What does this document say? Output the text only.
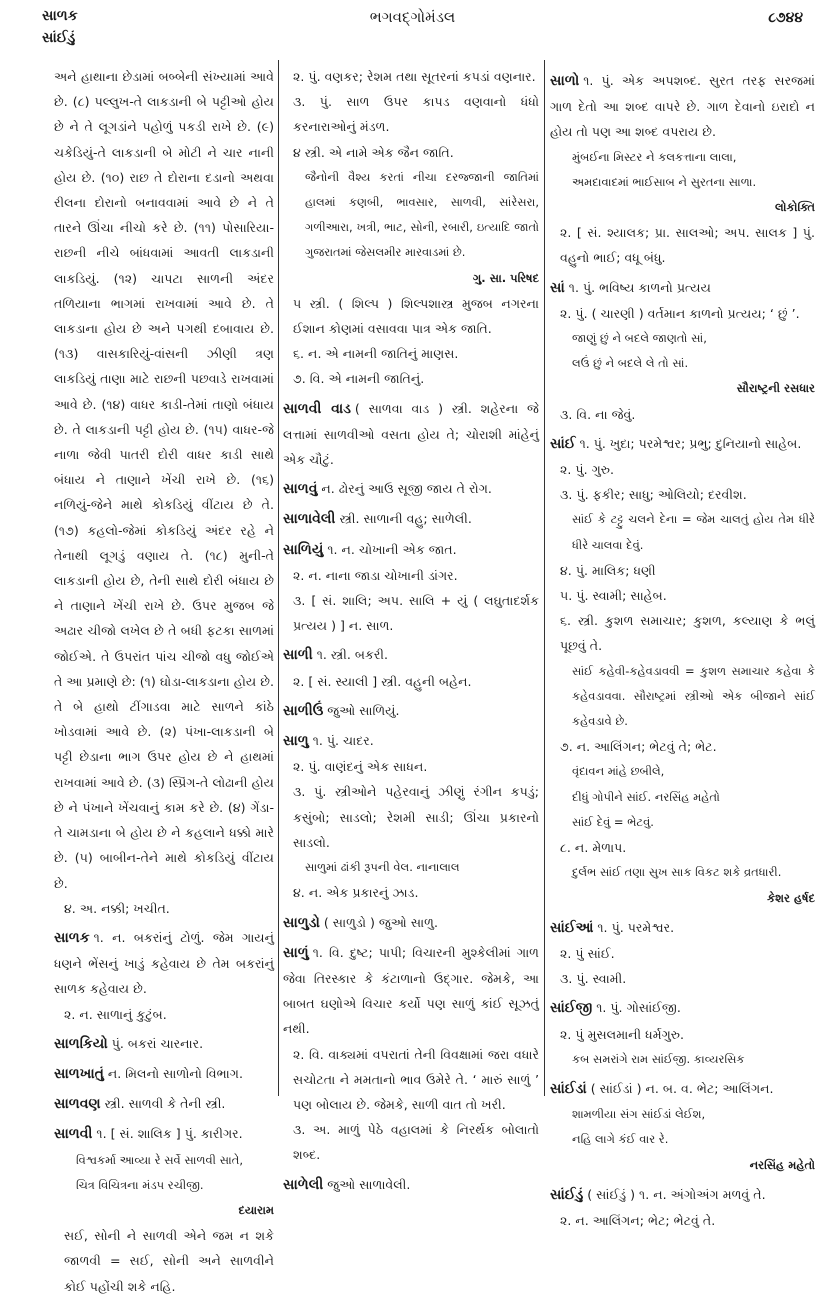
સાળક
સાંઈડું
ભગવદ્ગોમંડલ	૮૭૪૪
અને હાથાના છેડામાં બબ્બેની સંખ્યામાં આવે છે. (૮) પલ્લુખ-તે લાકડાની બે પટ્ટીઓ હોય છે ને તે લૂગડાંને પહોળું પકડી રાખે છે. (૯) ચકેડિયું-તે લાકડાની બે મોટી ને ચાર નાની હોય છે. (૧૦) રાછ તે દોરાના દડાનો અથવા રીલના દોરાનો બનાવવામાં આવે છે ને તે તારને ઊંચા નીચો કરે છે. (૧૧) પોસારિયા-રાછની નીચે બાંધવામાં આવતી લાકડાની લાકડિયું. (૧૨) ચાપટા સાળની અંદર તળિયાના ભાગમાં રાખવામાં આવે છે. તે લાકડાના હોય છે અને પગથી દબાવાય છે. (૧૩) વાસકારિયું-વાંસની ઝીણી ત્રણ લાકડિયું તાણા માટે રાછની પછવાડે રાખવામાં આવે છે. (૧૪) વાધર કાડી-તેમાં તાણો બંધાય છે. તે લાકડાની પટ્ટી હોય છે. (૧૫) વાધર-જે નાળા જેવી પાતરી દોરી વાધર કાડી સાથે બંધાય ને તાણાને ખેંચી રાખે છે. (૧૬) નળિયું-જેને માથે કોકડિયું વીંટાય છે તે. (૧૭) કહલો-જેમાં કોકડિયું અંદર રહે ને તેનાથી લૂગડું વણાય તે. (૧૮) મુની-તે લાકડાની હોય છે, તેની સાથે દોરી બંધાય છે ને તાણાને ખેંચી રાખે છે. ઉપર મુજબ જે અઢાર ચીજો લખેલ છે તે બધી ફટકા સાળમાં જોઈએ. તે ઉપરાંત પાંચ ચીજો વધુ જોઈએ તે આ પ્રમાણે છે: (૧) ઘોડા-લાકડાના હોય છે. તે બે હાથો ટીંગાડવા માટે સાળને કાંઠે ખોડવામાં આવે છે. (૨) પંખા-લાકડાની બે પટ્ટી છેડાના ભાગ ઉપર હોય છે ને હાથમાં રાખવામાં આવે છે. (૩) સ્પ્રિંગ-તે લોઢાની હોય છે ને પંખાને ખેંચવાનું કામ કરે છે. (૪) ગેંડા-તે ચામડાના બે હોય છે ને કહલાને ધક્કો મારે છે. (૫) બાબીન-તેને માથે કોકડિયું વીંટાય છે.
૪. અ. નક્કી; ખચીત.
સાળક ૧. ન. બકરાંનું ટોળું. જેમ ગાયનું ધણને ભેંસનું ખાડું કહેવાય છે તેમ બકરાંનું સાળક કહેવાય છે.
૨. ન. સાળાનું કુટુંબ.
સાળકિયો પું. બકરાં ચારનાર.
સાળખાતું ન. મિલનો સાળોનો વિભાગ.
સાળવણ સ્ત્રી. સાળવી કે તેની સ્ત્રી.
સાળવી ૧. [ સં. શાલિક ] પું. કારીગર.
વિશ્વકર્મા આવ્યા રે સર્વે સાળવી સાતે,
ચિત્ર વિચિત્રના મંડપ રચીજી.
દયારામ
સઈ, સોની ને સાળવી એને જમ ન શકે જાળવી = સઈ, સોની અને સાળવીને કોઈ પહોંચી શકે નહિ.
૨. પું. વણકર; રેશમ તથા સૂતરનાં કપડાં વણનાર.
૩. પું. સાળ ઉપર કાપડ વણવાનો ધંધો કરનારાઓનું મંડળ.
૪ સ્ત્રી. એ નામે એક જૈન જાતિ.
જૈનોની વૈશ્ય કરતાં નીચા દરજ્જાની જાતિમાં હાલમાં કણબી, ભાવસાર, સાળવી, સાંરેસરા, ગળીઆરા, ખત્રી, ભાટ, સોની, રબારી, ઇત્યાદિ જાતો ગુજરાતમાં જેસલમીર મારવાડમાં છે.
ગુ. સા. પરિષદ
૫ સ્ત્રી. ( શિલ્પ ) શિલ્પશાસ્ત્ર મુજબ નગરના ઈશાન કોણમાં વસાવવા પાત્ર એક જાતિ.
૬. ન. એ નામની જાતિનું માણસ.
૭. વિ. એ નામની જાતિનું.
સાળવી વાડ ( સાળવા વાડ ) સ્ત્રી. શહેરના જે લત્તામાં સાળવીઓ વસતા હોય તે; ચોરાશી માંહેનું એક ચૌટું.
સાળવું ન. ઢોરનું આઉ સૂજી જાય તે રોગ.
સાળાવેલી સ્ત્રી. સાળાની વહુ; સાળેલી.
સાળિયું ૧. ન. ચોખાની એક જાત.
૨. ન. નાના જાડા ચોખાની ડાંગર.
૩. [ સં. શાલિ; અપ. સાલિ + યું ( લઘુતાદર્શક પ્રત્યય ) ] ન. સાળ.
સાળી ૧. સ્ત્રી. બકરી.
૨. [ સં. સ્યાલી ] સ્ત્રી. વહુની બહેન.
સાળીઉં જુઓ સાળિયું.
સાળુ ૧. પું. ચાદર.
૨. પું. વાણંદનું એક સાધન.
૩. પું. સ્ત્રીઓને પહેરવાનું ઝીણું રંગીન કપડું; કસુંબો; સાડલો; રેશમી સાડી; ઊંચા પ્રકારનો સાડલો.
સાળુમાં ઢાંકી રૂપની વેલ. નાનાલાલ
૪. ન. એક પ્રકારનું ઝાડ.
સાળુડો ( સાળુડો ) જુઓ સાળુ.
સાળું ૧. વિ. દુષ્ટ; પાપી; વિચારની મુશ્કેલીમાં ગાળ જેવા તિરસ્કાર કે કંટાળાનો ઉદ્ગાર. જેમકે, આ બાબત ઘણોએ વિચાર કર્યો પણ સાળું કાંઈ સૂઝતું નથી.
૨. વિ. વાક્યમાં વપરાતાં તેની વિવક્ષામાં જરા વધારે સચોટતા ને મમતાનો ભાવ ઉમેરે તે. ‘ મારું સાળું ’ પણ બોલાય છે. જેમકે, સાળી વાત તો ખરી.
૩. અ. માળું પેઠે વહાલમાં કે નિરર્થક બોલાતો શબ્દ.
સાળેલી જુઓ સાળાવેલી.
સાળો ૧. પું. એક અપશબ્દ. સુરત તરફ સરજમાં ગાળ દેતો આ શબ્દ વાપરે છે. ગાળ દેવાનો ઇરાદો ન હોય તો પણ આ શબ્દ વપરાય છે.
મુંબઈના મિસ્ટર ને કલકત્તાના લાલા,
અમદાવાદમાં ભાઈસાબ ને સુરતના સાળા.
લોકોક્તિ
૨. [ સં. શ્યાલક; પ્રા. સાલઓ; અપ. સાલક ] પું. વહુનો ભાઈ; વધૂ બંધુ.
સાં ૧. પું. ભવિષ્ય કાળનો પ્રત્યય
૨. પું. ( ચારણી ) વર્તમાન કાળનો પ્રત્યય; ‘ છું ’.
જાણું છું ને બદલે જાણતો સાં,
લઉં છું ને બદલે લે તો સાં.
સૌરાષ્ટ્રની રસધાર
૩. વિ. ના જેવું.
સાંઈ ૧. પું. ખુદા; પરમેશ્વર; પ્રભુ; દુનિયાનો સાહેબ.
૨. પું. ગુરુ.
૩. પું. ફકીર; સાધુ; ઓલિયો; દરવીશ.
સાંઈ કે ટટ્ટુ ચલને દેના = જેમ ચાલતું હોય તેમ ધીરે ધીરે ચાલવા દેવું.
૪. પું. માલિક; ધણી
૫. પું. સ્વામી; સાહેબ.
૬. સ્ત્રી. કુશળ સમાચાર; કુશળ, કલ્યાણ કે ભલું પૂછવું તે.
સાંઈ કહેવી-કહેવડાવવી = કુશળ સમાચાર કહેવા કે કહેવડાવવા. સૌરાષ્ટ્રમાં સ્ત્રીઓ એક બીજાને સાંઈ કહેવડાવે છે.
૭. ન. આલિંગન; ભેટવું તે; ભેટ.
વૃંદાવન માંહે છબીલે,
દીધું ગોપીને સાંઈ. નરસિંહ મહેતો
સાંઈ દેવું = ભેટવું.
૮. ન. મેળાપ.
દુર્લભ સાંઈ તણા સુખ સાક વિકટ શકે વ્રતધારી.
કેશર હર્ષદ
સાંઈઆં ૧. પું. પરમેશ્વર.
૨. પું સાંઈ.
૩. પું. સ્વામી.
સાંઈજી ૧. પું. ગોસાંઈજી.
૨. પું મુસલમાની ધર્મગુરુ.
કબ સમરાંગે રામ સાંઈજી. કાવ્યરસિક
સાંઈડાં ( સાંઈડાં ) ન. બ. વ. ભેટ; આલિંગન.
શામળીયા સંગ સાંઈડાં લેઈશ,
નહિ લાગે કંઈ વાર રે.
નરસિંહ મહેતો
સાંઈડું ( સાંઈડું ) ૧. ન. અંગોઅંગ મળવું તે.
૨. ન. આલિંગન; ભેટ; ભેટવું તે.
